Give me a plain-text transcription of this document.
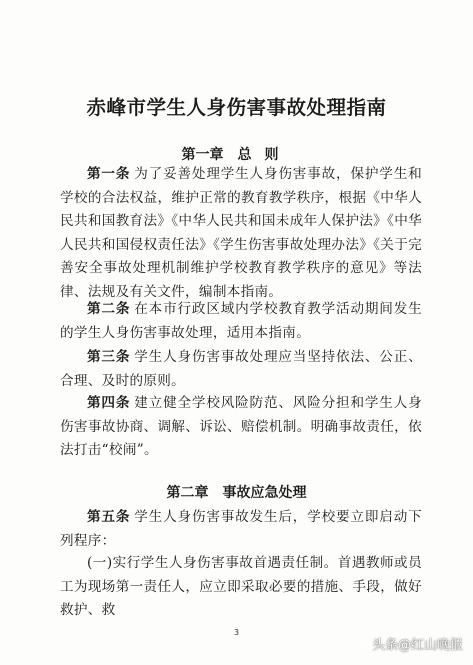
赤峰市学生人身伤害事故处理指南
第一章 总则
第一条 为了妥善处理学生人身伤害事故，保护学生和学校的合法权益，维护正常的教育教学秩序，根据《中华人民共和国教育法》《中华人民共和国未成年人保护法》《中华人民共和国侵权责任法》《学生伤害事故处理办法》《关于完善安全事故处理机制维护学校教育教学秩序的意见》等法律、法规及有关文件，编制本指南。
第二条 在本市行政区域内学校教育教学活动期间发生的学生人身伤害事故处理，适用本指南。
第三条 学生人身伤害事故处理应当坚持依法、公正、合理、及时的原则。
第四条 建立健全学校风险防范、风险分担和学生人身伤害事故协商、调解、诉讼、赔偿机制。明确事故责任，依法打击“校闹”。
第二章 事故应急处理
第五条 学生人身伤害事故发生后，学校要立即启动下列程序：
(一)实行学生人身伤害事故首遇责任制。首遇教师或员工为现场第一责任人，应立即采取必要的措施、手段，做好救护、救
3
头条@红山晚报
